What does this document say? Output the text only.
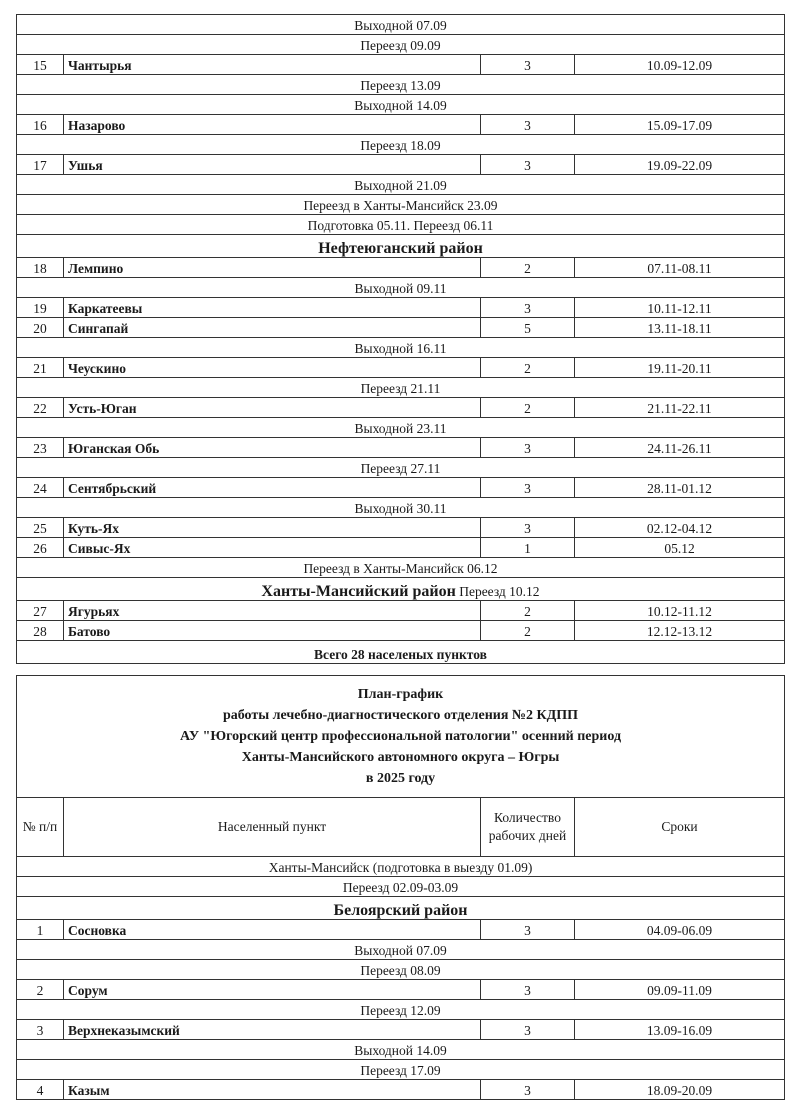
Выходной 07.09			
Переезд 09.09			
15	Чантырья	3	10.09-12.09
Переезд 13.09			
Выходной 14.09			
16	Назарово	3	15.09-17.09
Переезд 18.09			
17	Ушья	3	19.09-22.09
Выходной 21.09			
Переезд в Ханты-Мансийск 23.09			
Подготовка 05.11. Переезд 06.11			
Нефтеюганский район			
18	Лемпино	2	07.11-08.11
Выходной 09.11			
19	Каркатеевы	3	10.11-12.11
20	Сингапай	5	13.11-18.11
Выходной 16.11			
21	Чеускино	2	19.11-20.11
Переезд 21.11			
22	Усть-Юган	2	21.11-22.11
Выходной 23.11			
23	Юганская Обь	3	24.11-26.11
Переезд 27.11			
24	Сентябрьский	3	28.11-01.12
Выходной 30.11			
25	Куть-Ях	3	02.12-04.12
26	Сивыс-Ях	1	05.12
Переезд в Ханты-Мансийск 06.12			
Ханты-Мансийский район Переезд 10.12			
27	Ягурьях	2	10.12-11.12
28	Батово	2	12.12-13.12
Всего 28 населеных пунктов			
План-график
работы лечебно-диагностического отделения №2 КДПП
АУ "Югорский центр профессиональной патологии" осенний период
Ханты-Мансийского автономного округа – Югры
в 2025 году			

№ п/п	Населенный пункт	Количество рабочих дней	Сроки
Ханты-Мансийск (подготовка в выезду 01.09)			
Переезд 02.09-03.09			
Белоярский район			
1	Сосновка	3	04.09-06.09
Выходной 07.09			
Переезд 08.09			
2	Сорум	3	09.09-11.09
Переезд 12.09			
3	Верхнеказымский	3	13.09-16.09
Выходной 14.09			
Переезд 17.09			
4	Казым	3	18.09-20.09
